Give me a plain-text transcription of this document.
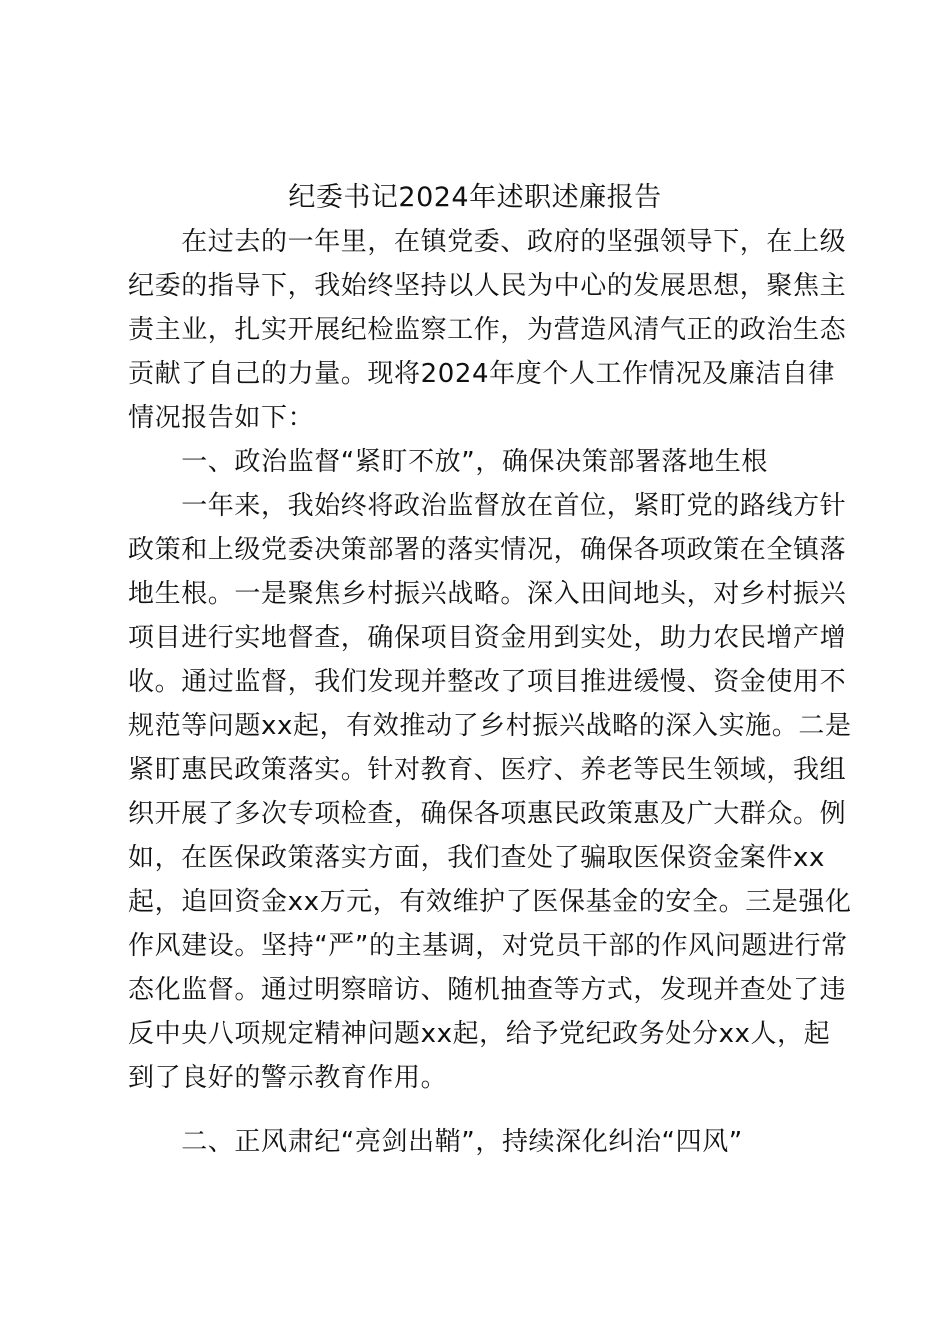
纪委书记2024年述职述廉报告
　　在过去的一年里，在镇党委、政府的坚强领导下，在上级
纪委的指导下，我始终坚持以人民为中心的发展思想，聚焦主
责主业，扎实开展纪检监察工作，为营造风清气正的政治生态
贡献了自己的力量。现将2024年度个人工作情况及廉洁自律
情况报告如下：
　　一、政治监督“紧盯不放”，确保决策部署落地生根
　　一年来，我始终将政治监督放在首位，紧盯党的路线方针
政策和上级党委决策部署的落实情况，确保各项政策在全镇落
地生根。一是聚焦乡村振兴战略。深入田间地头，对乡村振兴
项目进行实地督查，确保项目资金用到实处，助力农民增产增
收。通过监督，我们发现并整改了项目推进缓慢、资金使用不
规范等问题xx起，有效推动了乡村振兴战略的深入实施。二是
紧盯惠民政策落实。针对教育、医疗、养老等民生领域，我组
织开展了多次专项检查，确保各项惠民政策惠及广大群众。例
如，在医保政策落实方面，我们查处了骗取医保资金案件xx
起，追回资金xx万元，有效维护了医保基金的安全。三是强化
作风建设。坚持“严”的主基调，对党员干部的作风问题进行常
态化监督。通过明察暗访、随机抽查等方式，发现并查处了违
反中央八项规定精神问题xx起，给予党纪政务处分xx人，起
到了良好的警示教育作用。
　　二、正风肃纪“亮剑出鞘”，持续深化纠治“四风”
